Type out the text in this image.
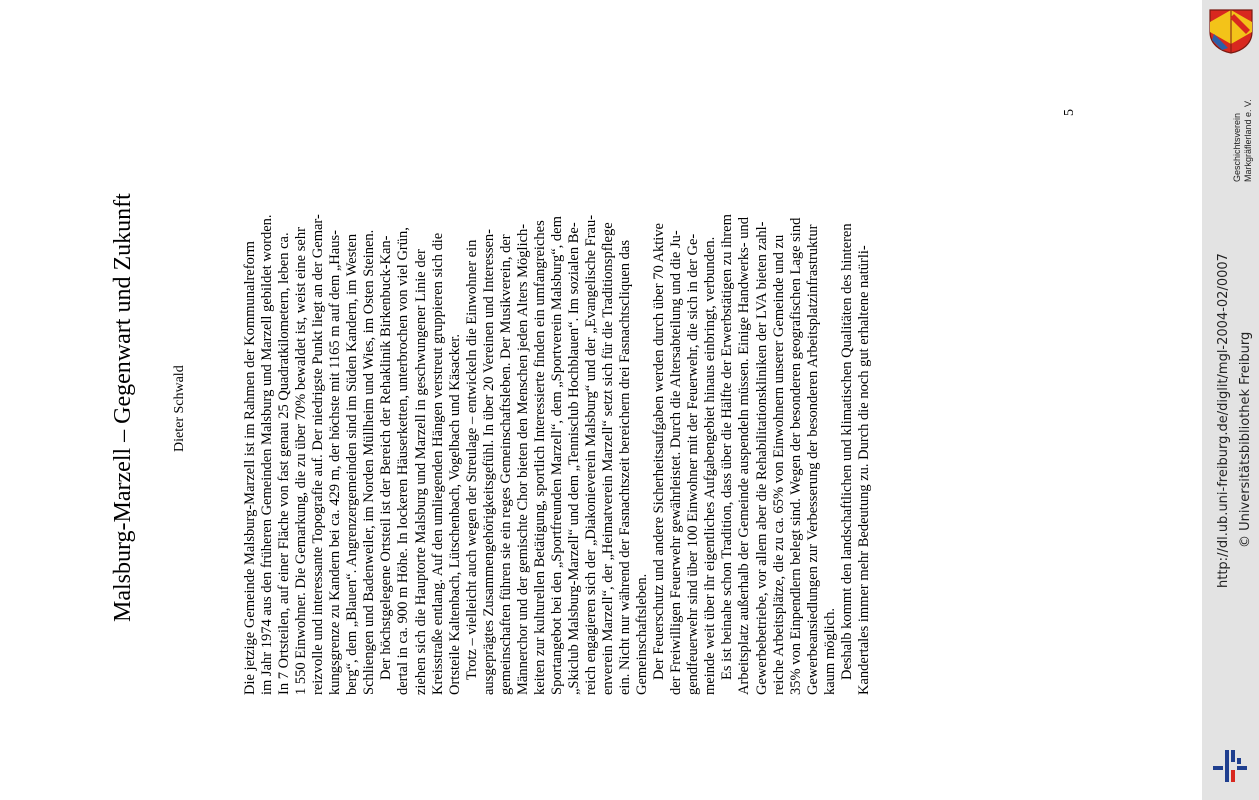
Geschichtsverein Markgräflerland e. V.
http://dl.ub.uni-freiburg.de/diglit/mgl-2004-02/0007 © Universitätsbibliothek Freiburg
Malsburg-Marzell – Gegenwart und Zukunft	Dieter Schwald	Die jetzige Gemeinde Malsburg-Marzell ist im Rahmen der Kommunalreform im Jahr 1974 aus den früheren Gemeinden Malsburg und Marzell gebildet worden. In 7 Ortsteilen, auf einer Fläche von fast genau 25 Quadratkilometern, leben ca. 1 550 Einwohner. Die Gemarkung, die zu über 70% bewaldet ist, weist eine sehr reizvolle und interessante Topografie auf. Der niedrigste Punkt liegt an der Gemar- kungsgrenze zu Kandern bei ca. 429 m, der höchste mit 1165 m auf dem „Haus- berg“, dem „Blauen“. Angrenzergemeinden sind im Süden Kandern, im Westen Schliengen und Badenweiler, im Norden Müllheim und Wies, im Osten Steinen. Der höchstgelegene Ortsteil ist der Bereich der Rehaklinik Birkenbuck-Kan- dertal in ca. 900 m Höhe. In lockeren Häuserketten, unterbrochen von viel Grün, ziehen sich die Hauptorte Malsburg und Marzell in geschwungener Linie der Kreisstraße entlang. Auf den umliegenden Hängen verstreut gruppieren sich die Ortsteile Kaltenbach, Lütschenbach, Vogelbach und Käsacker. Trotz – vielleicht auch wegen der Streulage – entwickeln die Einwohner ein ausgeprägtes Zusammengehörigkeitsgefühl. In über 20 Vereinen und Interessen- gemeinschaften führen sie ein reges Gemeinschaftsleben. Der Musikverein, der Männerchor und der gemischte Chor bieten den Menschen jeden Alters Möglich- keiten zur kulturellen Betätigung, sportlich Interessierte finden ein umfangreiches Sportangebot bei den „Sportfreunden Marzell“, dem „Sportverein Malsburg“, dem „Skiclub Malsburg-Marzell“ und dem „Tennisclub Hochblauen“. Im sozialen Be- reich engagieren sich der „Diakonieverein Malsburg“ und der „Evangelische Frau- enverein Marzell“, der „Heimatverein Marzell“ setzt sich für die Traditionspflege ein. Nicht nur während der Fasnachtszeit bereichern drei Fasnachtscliquen das Gemeinschaftsleben. Der Feuerschutz und andere Sicherheitsaufgaben werden durch über 70 Aktive der Freiwilligen Feuerwehr gewährleistet. Durch die Altersabteilung und die Ju- gendfeuerwehr sind über 100 Einwohner mit der Feuerwehr, die sich in der Ge- meinde weit über ihr eigentliches Aufgabengebiet hinaus einbringt, verbunden. Es ist beinahe schon Tradition, dass über die Hälfte der Erwerbstätigen zu ihrem Arbeitsplatz außerhalb der Gemeinde auspendeln müssen. Einige Handwerks- und Gewerbebetriebe, vor allem aber die Rehabilitationskliniken der LVA bieten zahl- reiche Arbeitsplätze, die zu ca. 65% von Einwohnern unserer Gemeinde und zu 35% von Einpendlern belegt sind. Wegen der besonderen geografischen Lage sind Gewerbeansiedlungen zur Verbesserung der besonderen Arbeitsplatzinfrastruktur kaum möglich. Deshalb kommt den landschaftlichen und klimatischen Qualitäten des hinteren Kandertales immer mehr Bedeutung zu. Durch die noch gut erhaltene natürli-
5
